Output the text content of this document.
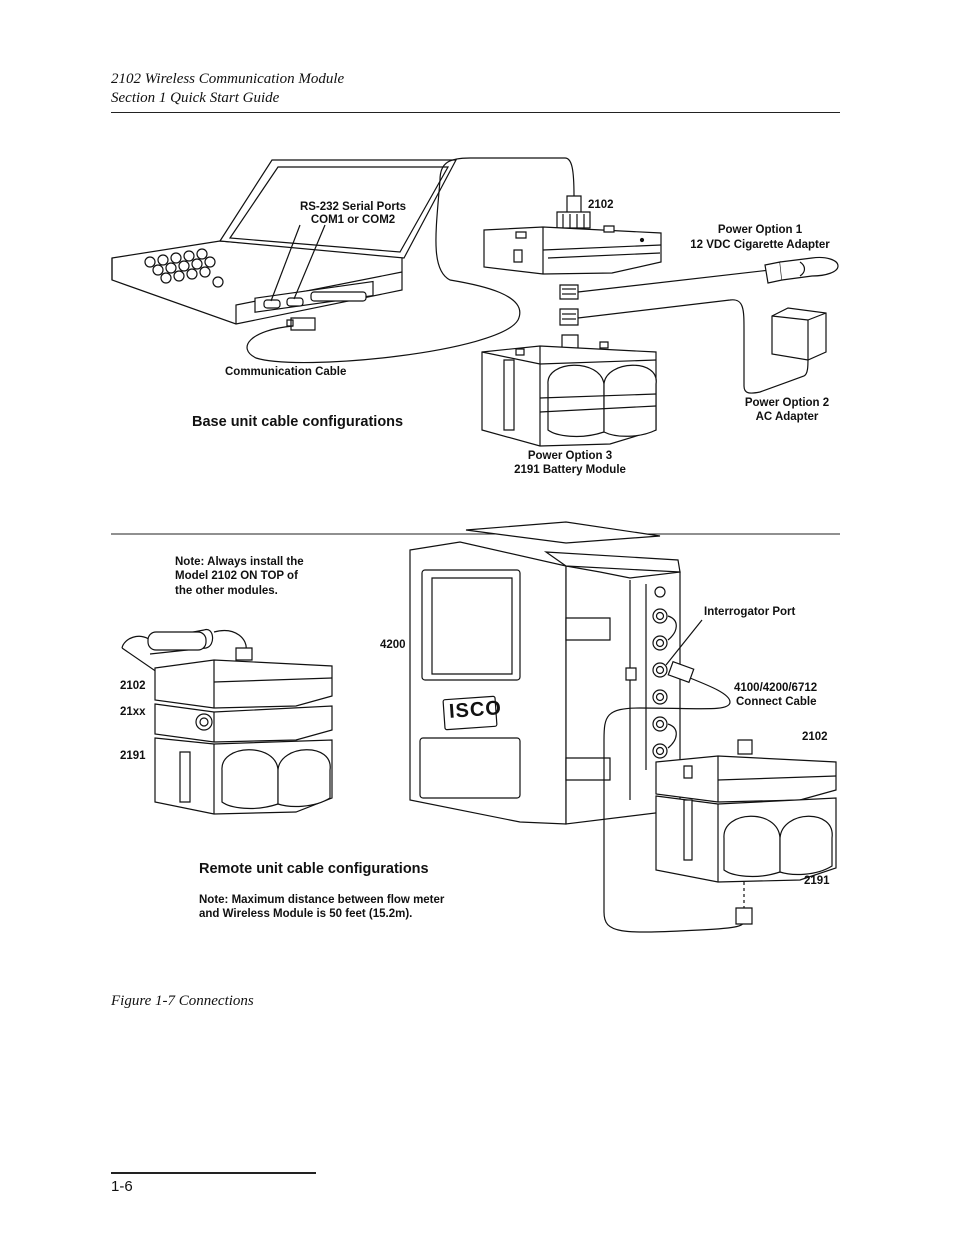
2102 Wireless Communication Module
Section 1 Quick Start Guide
RS-232 Serial Ports
COM1 or COM2
2102
Power Option 1
12 VDC Cigarette Adapter
Communication Cable
Base unit cable configurations
Power Option 2
AC Adapter
Power Option 3
2191 Battery Module
Note: Always install the
Model 2102 ON TOP of
the other modules.
4200
Interrogator Port
2102
21xx
2191
4100/4200/6712
Connect Cable
2102
2191
Remote unit cable configurations
Note: Maximum distance between flow meter
and Wireless Module is 50 feet (15.2m).
ISCO
Figure 1-7 Connections
1-6
